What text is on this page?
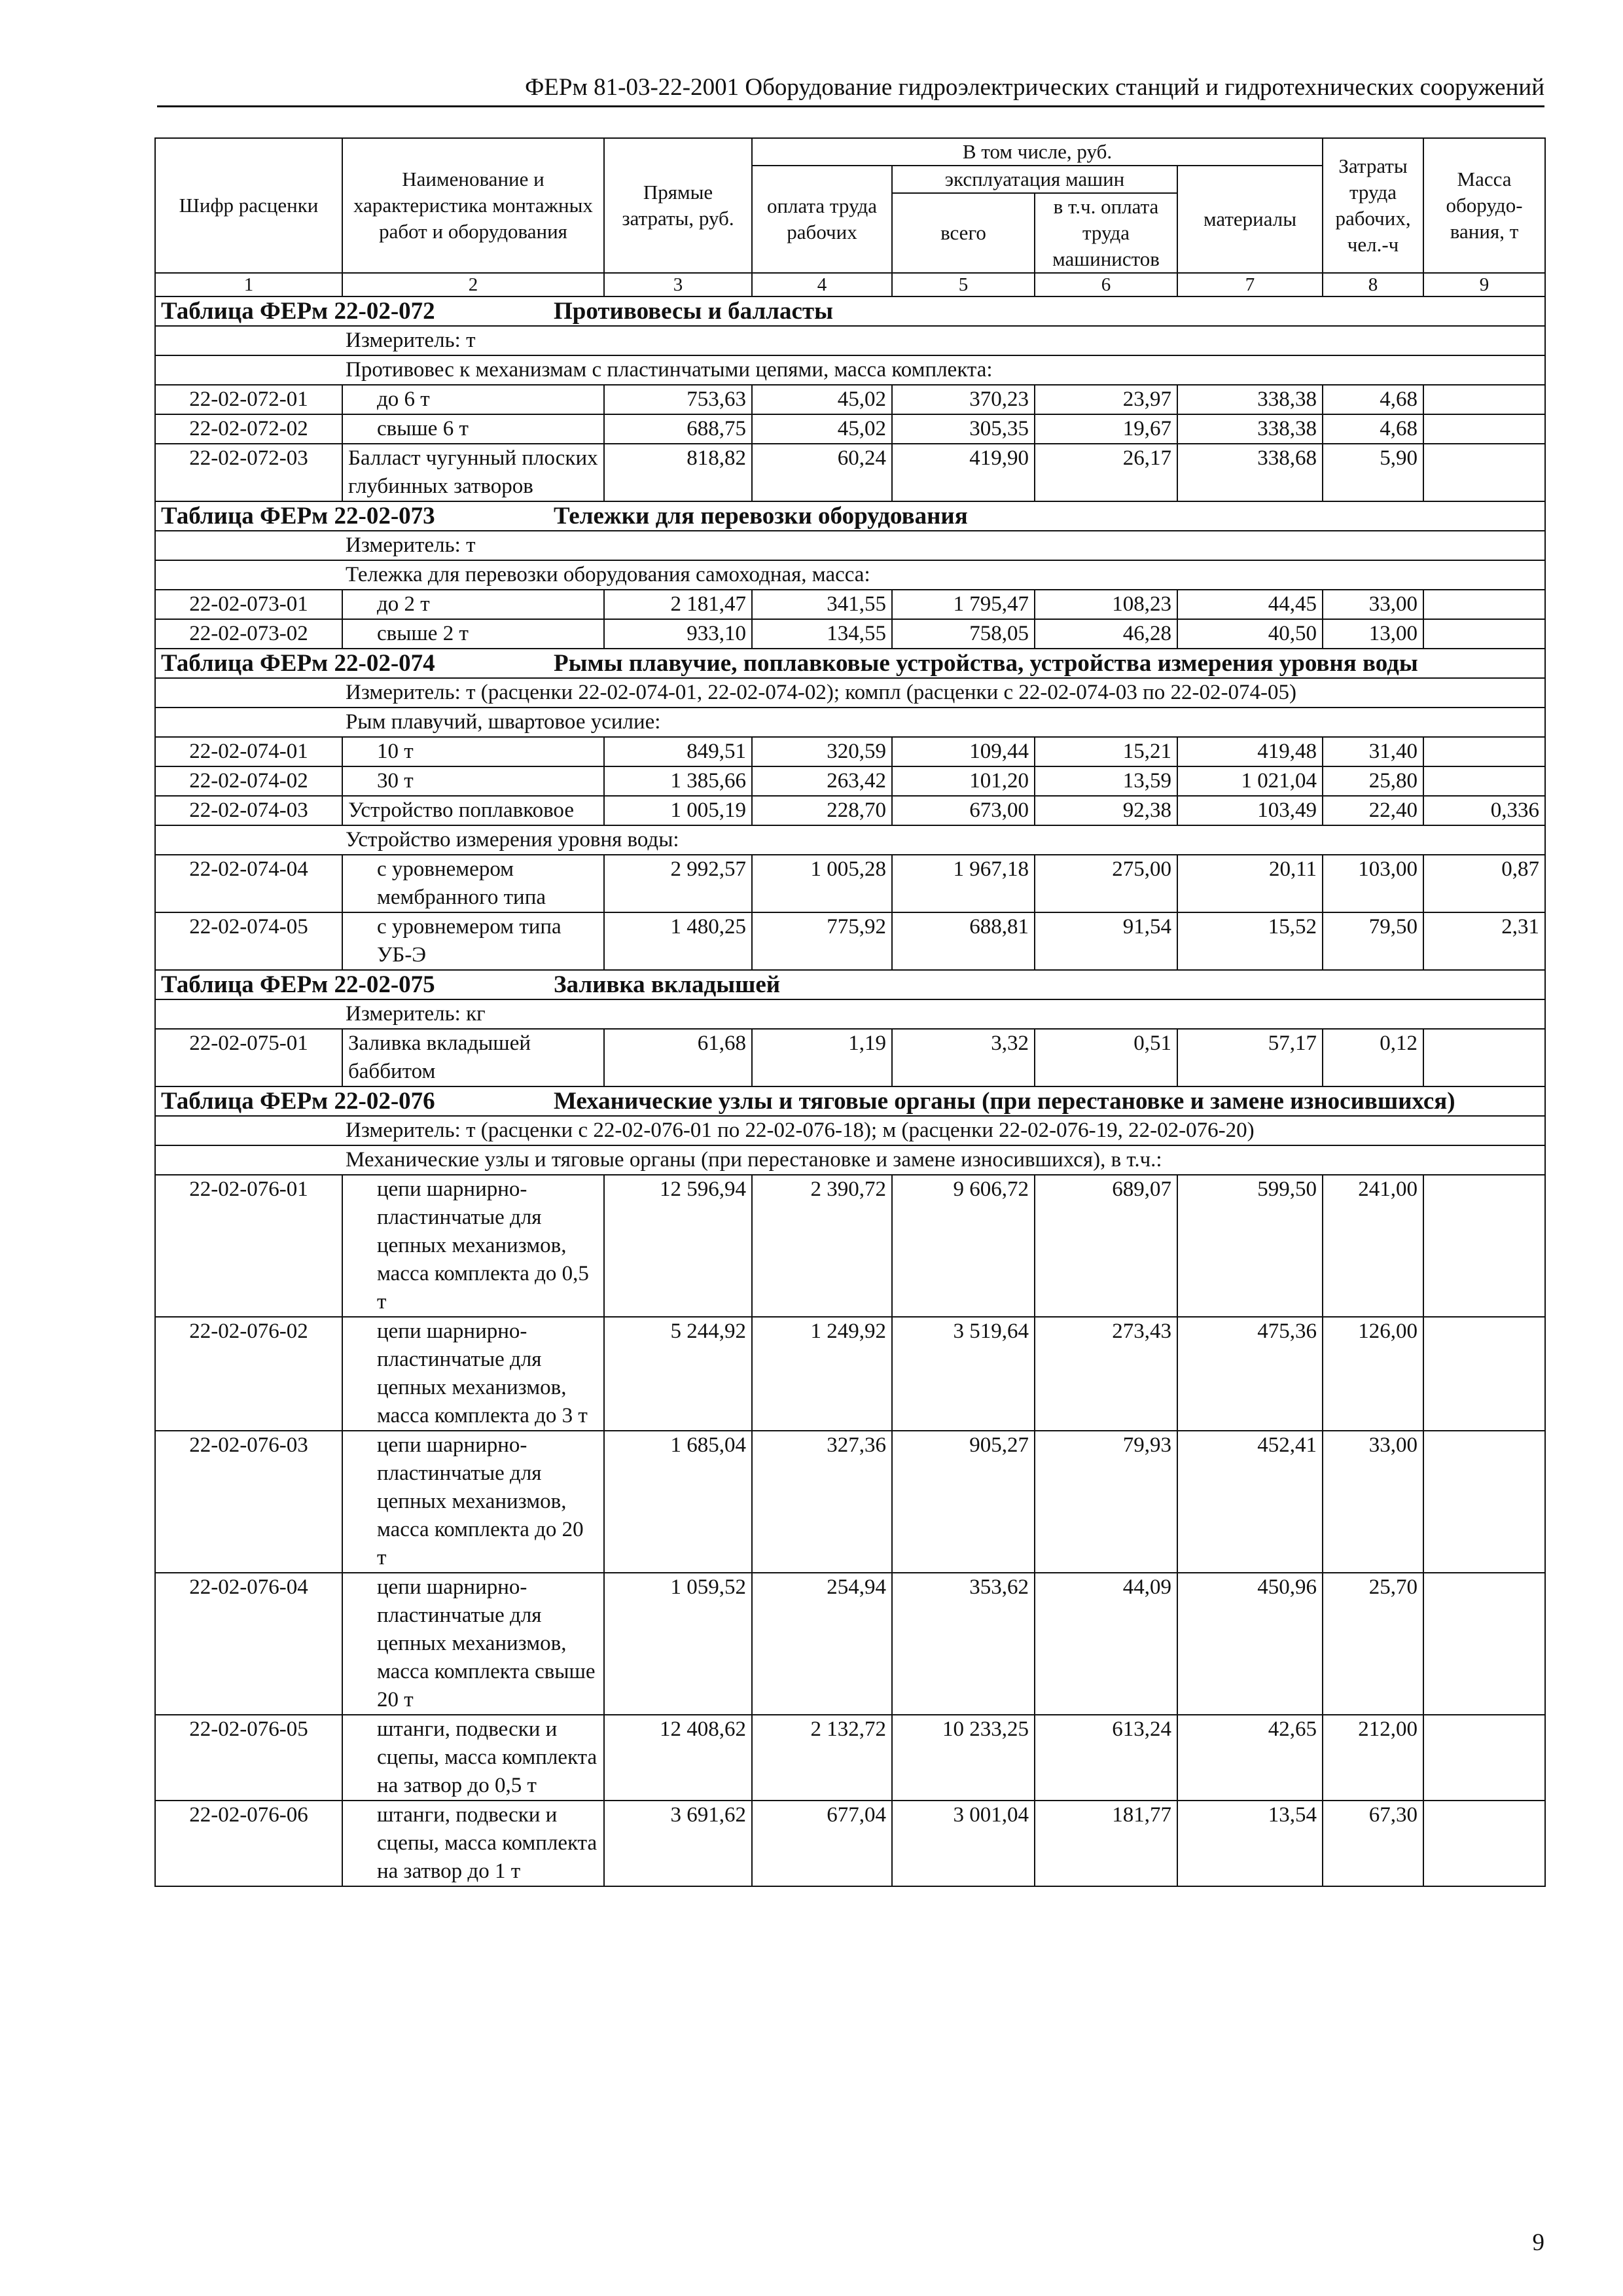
ФЕРм 81-03-22-2001 Оборудование гидроэлектрических станций и гидротехнических сооружений
Шифр расценки	Наименование и характеристика монтажных работ и оборудования	Прямые затраты, руб.	В том числе, руб.				Затраты труда рабочих, чел.-ч	Масса оборудо-вания, т
			оплата труда рабочих	эксплуатация машин		материалы		
				всего	в т.ч. оплата труда машинистов			
1	2	3	4	5	6	7	8	9
Таблица ФЕРм 22-02-072 Противовесы и балласты								
Измеритель: т								
Противовес к механизмам с пластинчатыми цепями, масса комплекта:								
22-02-072-01	до 6 т	753,63	45,02	370,23	23,97	338,38	4,68	
22-02-072-02	свыше 6 т	688,75	45,02	305,35	19,67	338,38	4,68	
22-02-072-03	Балласт чугунный плоских глубинных затворов	818,82	60,24	419,90	26,17	338,68	5,90	
Таблица ФЕРм 22-02-073 Тележки для перевозки оборудования								
Измеритель: т								
Тележка для перевозки оборудования самоходная, масса:								
22-02-073-01	до 2 т	2 181,47	341,55	1 795,47	108,23	44,45	33,00	
22-02-073-02	свыше 2 т	933,10	134,55	758,05	46,28	40,50	13,00	
Таблица ФЕРм 22-02-074 Рымы плавучие, поплавковые устройства, устройства измерения уровня воды								
Измеритель: т (расценки 22-02-074-01, 22-02-074-02); компл (расценки с 22-02-074-03 по 22-02-074-05)								
Рым плавучий, швартовое усилие:								
22-02-074-01	10 т	849,51	320,59	109,44	15,21	419,48	31,40	
22-02-074-02	30 т	1 385,66	263,42	101,20	13,59	1 021,04	25,80	
22-02-074-03	Устройство поплавковое	1 005,19	228,70	673,00	92,38	103,49	22,40	0,336
Устройство измерения уровня воды:								
22-02-074-04	с уровнемером мембранного типа	2 992,57	1 005,28	1 967,18	275,00	20,11	103,00	0,87
22-02-074-05	с уровнемером типа УБ-Э	1 480,25	775,92	688,81	91,54	15,52	79,50	2,31
Таблица ФЕРм 22-02-075 Заливка вкладышей								
Измеритель: кг								
22-02-075-01	Заливка вкладышей баббитом	61,68	1,19	3,32	0,51	57,17	0,12	
Таблица ФЕРм 22-02-076 Механические узлы и тяговые органы (при перестановке и замене износившихся)								
Измеритель: т (расценки с 22-02-076-01 по 22-02-076-18); м (расценки 22-02-076-19, 22-02-076-20)								
Механические узлы и тяговые органы (при перестановке и замене износившихся), в т.ч.:								
22-02-076-01	цепи шарнирно-пластинчатые для цепных механизмов, масса комплекта до 0,5 т	12 596,94	2 390,72	9 606,72	689,07	599,50	241,00	
22-02-076-02	цепи шарнирно-пластинчатые для цепных механизмов, масса комплекта до 3 т	5 244,92	1 249,92	3 519,64	273,43	475,36	126,00	
22-02-076-03	цепи шарнирно-пластинчатые для цепных механизмов, масса комплекта до 20 т	1 685,04	327,36	905,27	79,93	452,41	33,00	
22-02-076-04	цепи шарнирно-пластинчатые для цепных механизмов, масса комплекта свыше 20 т	1 059,52	254,94	353,62	44,09	450,96	25,70	
22-02-076-05	штанги, подвески и сцепы, масса комплекта на затвор до 0,5 т	12 408,62	2 132,72	10 233,25	613,24	42,65	212,00	
22-02-076-06	штанги, подвески и сцепы, масса комплекта на затвор до 1 т	3 691,62	677,04	3 001,04	181,77	13,54	67,30	
9
